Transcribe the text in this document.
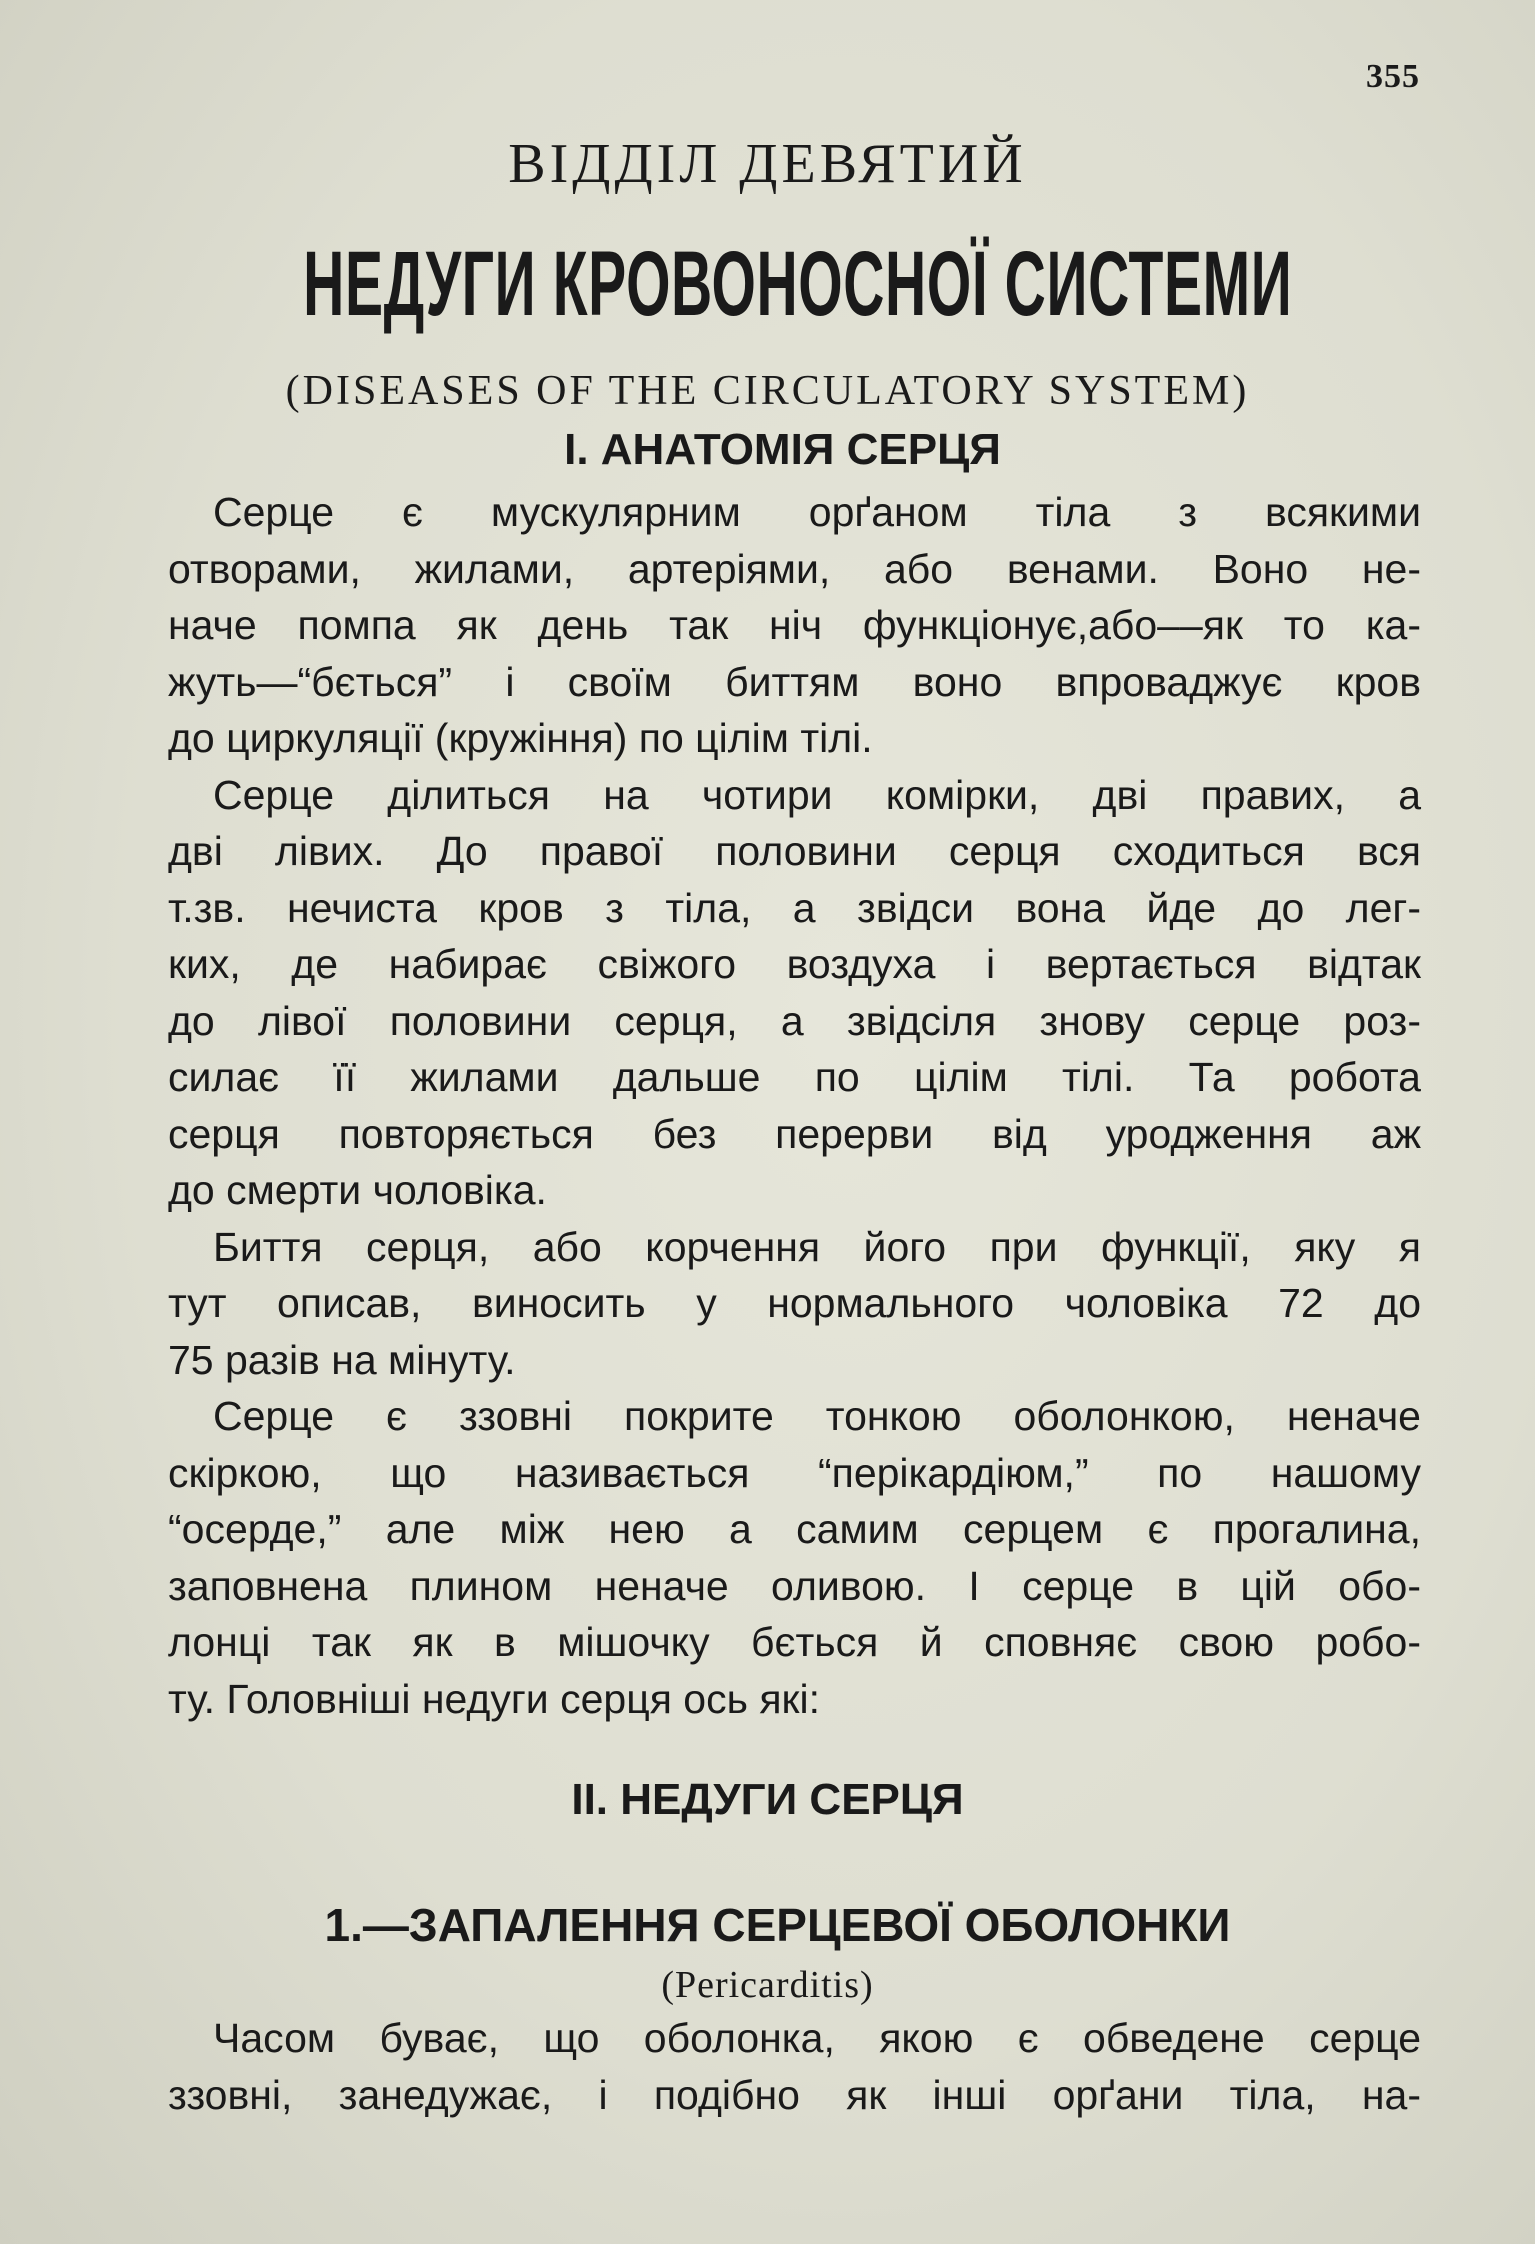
355
ВІДДІЛ ДЕВЯТИЙ
НЕДУГИ КРОВОНОСНОЇ СИСТЕМИ
(DISEASES OF THE CIRCULATORY SYSTEM)
I. АНАТОМІЯ СЕРЦЯ
Серце є мускулярним орґаном тіла з всякими
отворами, жилами, артеріями, або венами. Воно не-
наче помпа як день так ніч функціонує,або––як то ка-
жуть—“бється” і своїм биттям воно впроваджує кров
до циркуляції (кружіння) по цілім тілі.
Серце ділиться на чотири комірки, дві правих, а
дві лівих. До правої половини серця сходиться вся
т.зв. нечиста кров з тіла, а звідси вона йде до лег-
ких, де набирає свіжого воздуха і вертається відтак
до лівої половини серця, а звідсіля знову серце роз-
силає її жилами дальше по цілім тілі. Та робота
серця повторяється без перерви від уродження аж
до смерти чоловіка.
Биття серця, або корчення його при функції, яку я
тут описав, виносить у нормального чоловіка 72 до
75 разів на мінуту.
Серце є ззовні покрите тонкою оболонкою, неначе
скіркою, що називається “перікардіюм,” по нашому
“осерде,” але між нею а самим серцем є прогалина,
заповнена плином неначе оливою. І серце в цій обо-
лонці так як в мішочку бється й сповняє свою робо-
ту. Головніші недуги серця ось які:
II. НЕДУГИ СЕРЦЯ
1.—ЗАПАЛЕННЯ СЕРЦЕВОЇ ОБОЛОНКИ
(Pericarditis)
Часом буває, що оболонка, якою є обведене серце
ззовні, занедужає, і подібно як інші орґани тіла, на-
